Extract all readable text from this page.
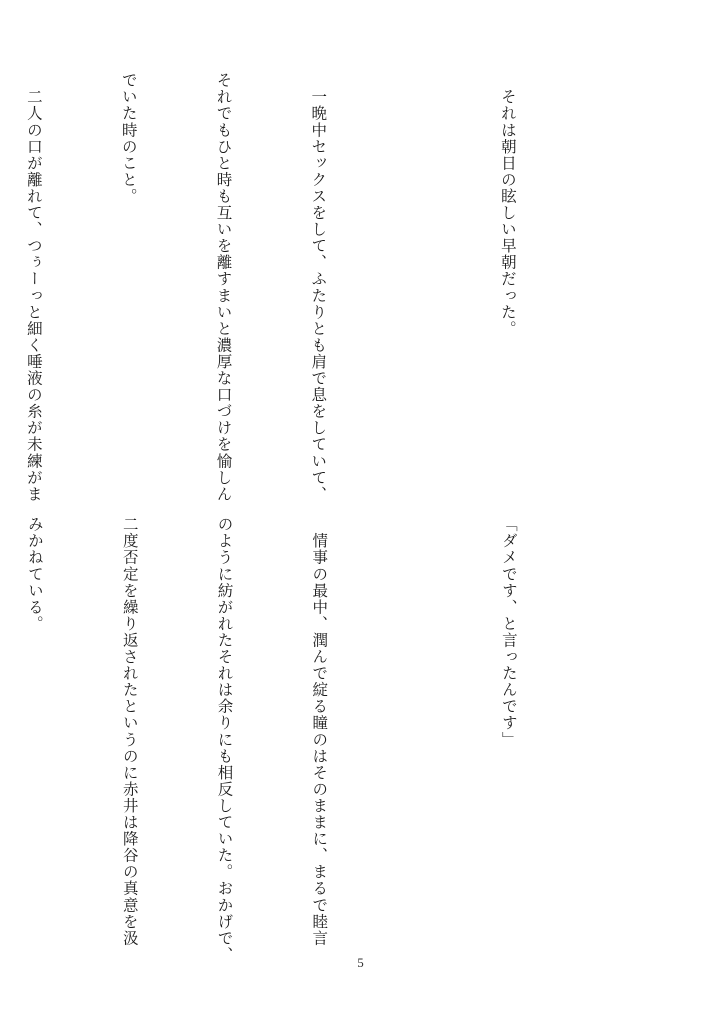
　それは朝日の眩しい早朝だった。

　一晩中セックスをして、ふたりとも肩で息をしていて、

それでもひと時も互いを離すまいと濃厚な口づけを愉しん

でいた時のこと。

　二人の口が離れて、つぅーっと細く唾液の糸が未練がま

「ダメです、と言ったんです」

　情事の最中、潤んで綻る瞳のはそのままに、まるで睦言

のように紡がれたそれは余りにも相反していた。おかげで、

二度否定を繰り返されたというのに赤井は降谷の真意を汲

みかねている。

5
